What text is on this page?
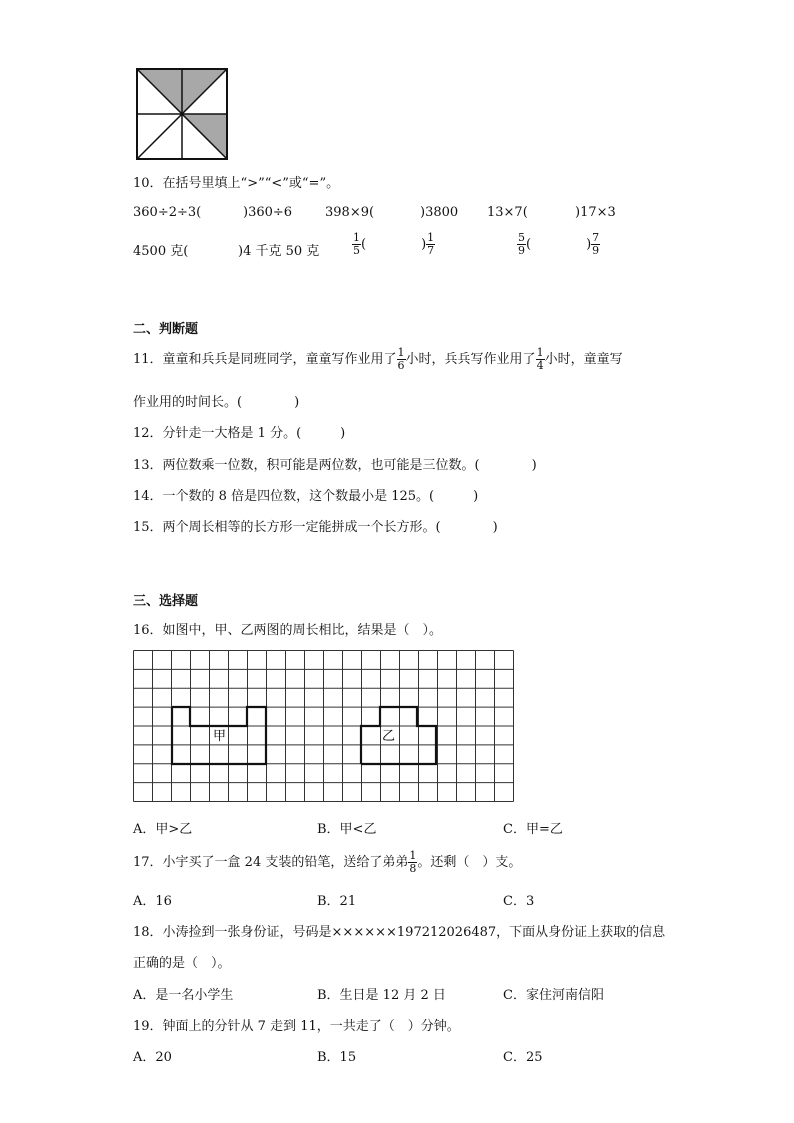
10．在括号里填上“>”“<”或“=”。
360÷2÷3(	)360÷6	398×9(	)3800 13×7(	)17×3
4500 克(	)4 千克 50 克	$\frac{1}{5}$ (	) $\frac{1}{7}$	$\frac{5}{9}$ (	) $\frac{7}{9}$
二、判断题
11．童童和兵兵是同班同学，童童写作业用了 $\frac{1}{6}$ 小时，兵兵写作业用了 $\frac{1}{4}$ 小时，童童写
作业用的时间长。(　　　　)
12．分针走一大格是 1 分。(　　　)
13．两位数乘一位数，积可能是两位数，也可能是三位数。(　　　　)
14．一个数的 8 倍是四位数，这个数最小是 125。(　　　)
15．两个周长相等的长方形一定能拼成一个长方形。(　　　　)
三、选择题
16．如图中，甲、乙两图的周长相比，结果是（　）。
甲	乙
A．甲>乙	B．甲<乙	C．甲=乙
17．小宇买了一盒 24 支装的铅笔，送给了弟弟 $\frac{1}{8}$ 。还剩（　）支。
A．16	B．21	C．3
18．小涛捡到一张身份证，号码是××××××197212026487，下面从身份证上获取的信息
正确的是（　）。
A．是一名小学生	B．生日是 12 月 2 日	C．家住河南信阳
19．钟面上的分针从 7 走到 11，一共走了（　）分钟。
A．20	B．15	C．25
